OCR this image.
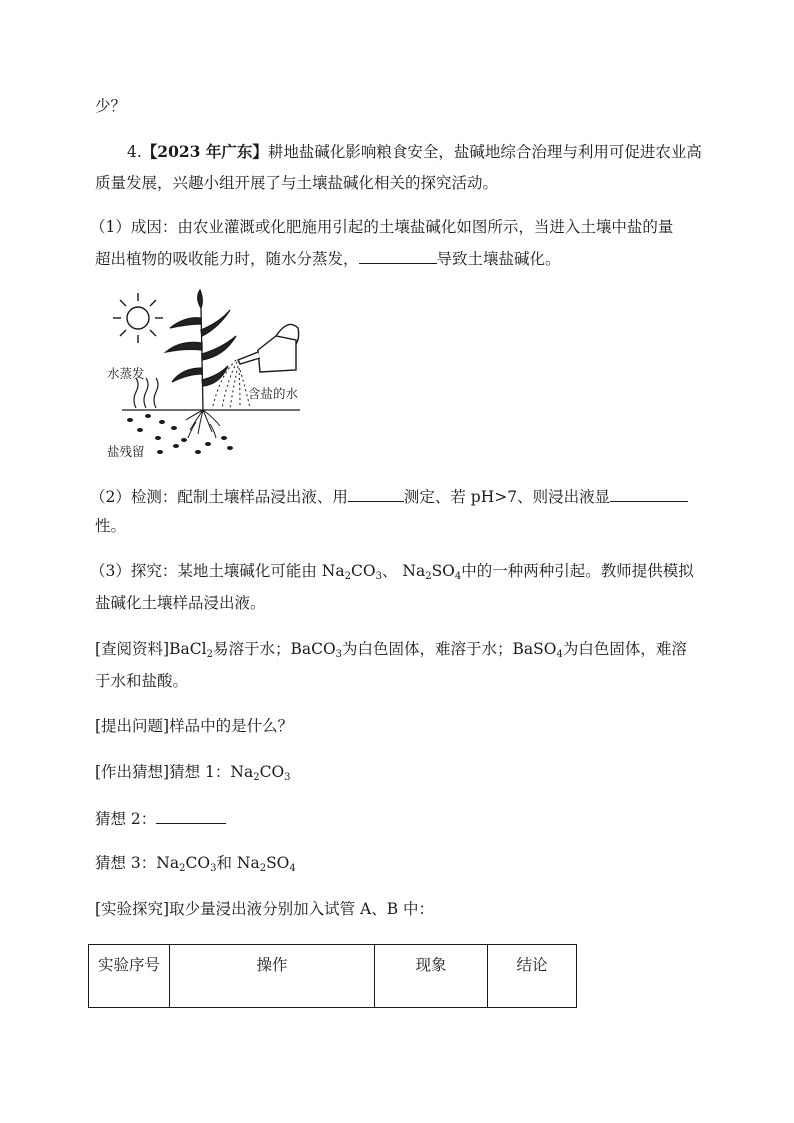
少？
4.【2023 年广东】耕地盐碱化影响粮食安全，盐碱地综合治理与利用可促进农业高
质量发展，兴趣小组开展了与土壤盐碱化相关的探究活动。
（1）成因：由农业灌溉或化肥施用引起的土壤盐碱化如图所示，当进入土壤中盐的量
超出植物的吸收能力时，随水分蒸发，	导致土壤盐碱化。
水蒸发
含盐的水
盐残留
（2）检测：配制土壤样品浸出液、用	测定、若 pH>7、则浸出液显
性。
（3）探究：某地土壤碱化可能由 $Na_2CO_3$、 $Na_2SO_4$中的一种两种引起。教师提供模拟
盐碱化土壤样品浸出液。
[查阅资料]BaCl$_2$易溶于水；BaCO$_3$为白色固体，难溶于水；BaSO$_4$为白色固体，难溶
于水和盐酸。
[提出问题]样品中的是什么？
[作出猜想]猜想 1：$Na_2CO_3$
猜想 2：
猜想 3：$Na_2CO_3$和 $Na_2SO_4$
[实验探究]取少量浸出液分别加入试管 A、B 中：
实验序号	操作	现象	结论
